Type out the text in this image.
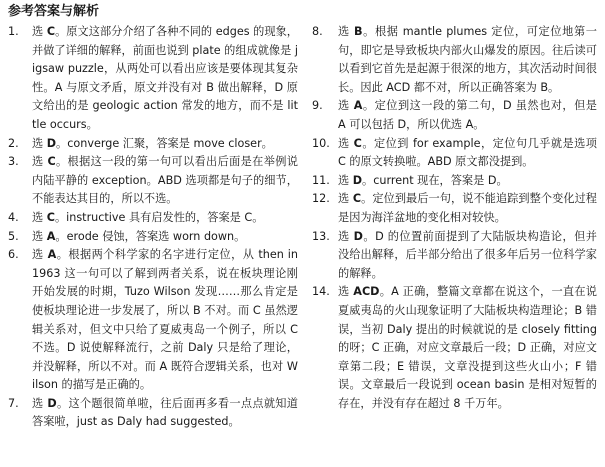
参考答案与解析
1.	选 C。原文这部分介绍了各种不同的 edges 的现象，并做了详细的解释，前面也说到 plate 的组成就像是 jigsaw puzzle，从两处可以看出应该是要体现其复杂性。A 与原文矛盾，原文并没有对 B 做出解释，D 原文给出的是 geologic action 常发的地方，而不是 little occurs。
2.	选 D。converge 汇聚，答案是 move closer。
3.	选 C。根据这一段的第一句可以看出后面是在举例说内陆平静的 exception。ABD 选项都是句子的细节，不能表达其目的，所以不选。
4.	选 C。instructive 具有启发性的，答案是 C。
5.	选 A。erode 侵蚀，答案选 worn down。
6.	选 A。根据两个科学家的名字进行定位，从 then in 1963 这一句可以了解到两者关系，说在板块理论刚开始发展的时期，Tuzo Wilson 发现……那么肯定是使板块理论进一步发展了，所以 B 不对。而 C 虽然逻辑关系对，但文中只给了夏威夷岛一个例子，所以 C 不选。D 说使解释流行，之前 Daly 只是给了理论，并没解释，所以不对。而 A 既符合逻辑关系，也对 Wilson 的描写是正确的。
7.	选 D。这个题很简单啦，往后面再多看一点点就知道答案啦，just as Daly had suggested。
8.	选 B。根据 mantle plumes 定位，可定位地第一句，即它是导致板块内部火山爆发的原因。往后读可以看到它首先是起源于很深的地方，其次活动时间很长。因此 ACD 都不对，所以正确答案为 B。
9.	选 A。定位到这一段的第二句，D 虽然也对，但是 A 可以包括 D，所以优选 A。
10. 选 C。定位到 for example，定位句几乎就是选项 C 的原文转换啦。ABD 原文都没提到。
11. 选 D。current 现在，答案是 D。
12. 选 C。定位到最后一句，说不能追踪到整个变化过程是因为海洋盆地的变化相对较快。
13. 选 D。D 的位置前面提到了大陆版块构造论，但并没给出解释，后半部分给出了很多年后另一位科学家的解释。
14. 选 ACD。A 正确，整篇文章都在说这个，一直在说夏威夷岛的火山现象证明了大陆板块构造理论；B 错误，当初 Daly 提出的时候就说的是 closely fitting 的呀；C 正确，对应文章最后一段；D 正确，对应文章第二段；E 错误，文章没提到这些火山小；F 错误。文章最后一段说到 ocean basin 是相对短暂的存在，并没有存在超过 8 千万年。
